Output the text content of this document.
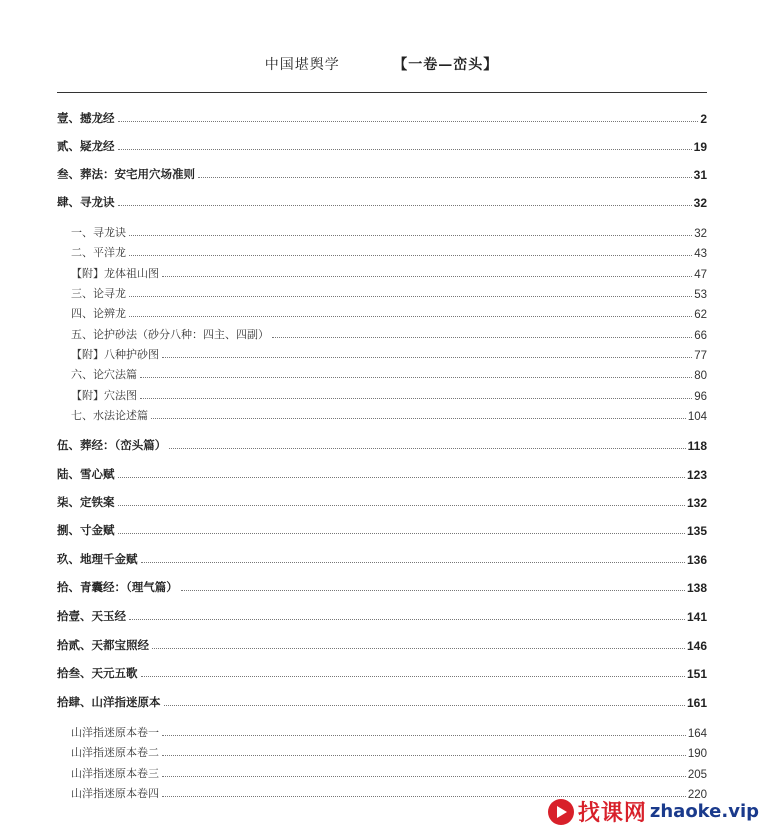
中国堪舆学	【一卷—峦头】
壹、撼龙经	2
贰、疑龙经	19
叁、葬法：安宅用穴场准则	31
肆、寻龙诀	32
一、寻龙诀	32
二、平洋龙	43
【附】龙体祖山图	47
三、论寻龙	53
四、论辨龙	62
五、论护砂法（砂分八种：四主、四副）	66
【附】八种护砂图	77
六、论穴法篇	80
【附】穴法图	96
七、水法论述篇	104
伍、葬经：（峦头篇）	118
陆、雪心赋	123
柒、定铁案	132
捌、寸金赋	135
玖、地理千金赋	136
拾、青囊经：（理气篇）	138
拾壹、天玉经	141
拾贰、天都宝照经	146
拾叁、天元五歌	151
拾肆、山洋指迷原本	161
山洋指迷原本卷一	164
山洋指迷原本卷二	190
山洋指迷原本卷三	205
山洋指迷原本卷四	220
找课网 zhaoke.vip
